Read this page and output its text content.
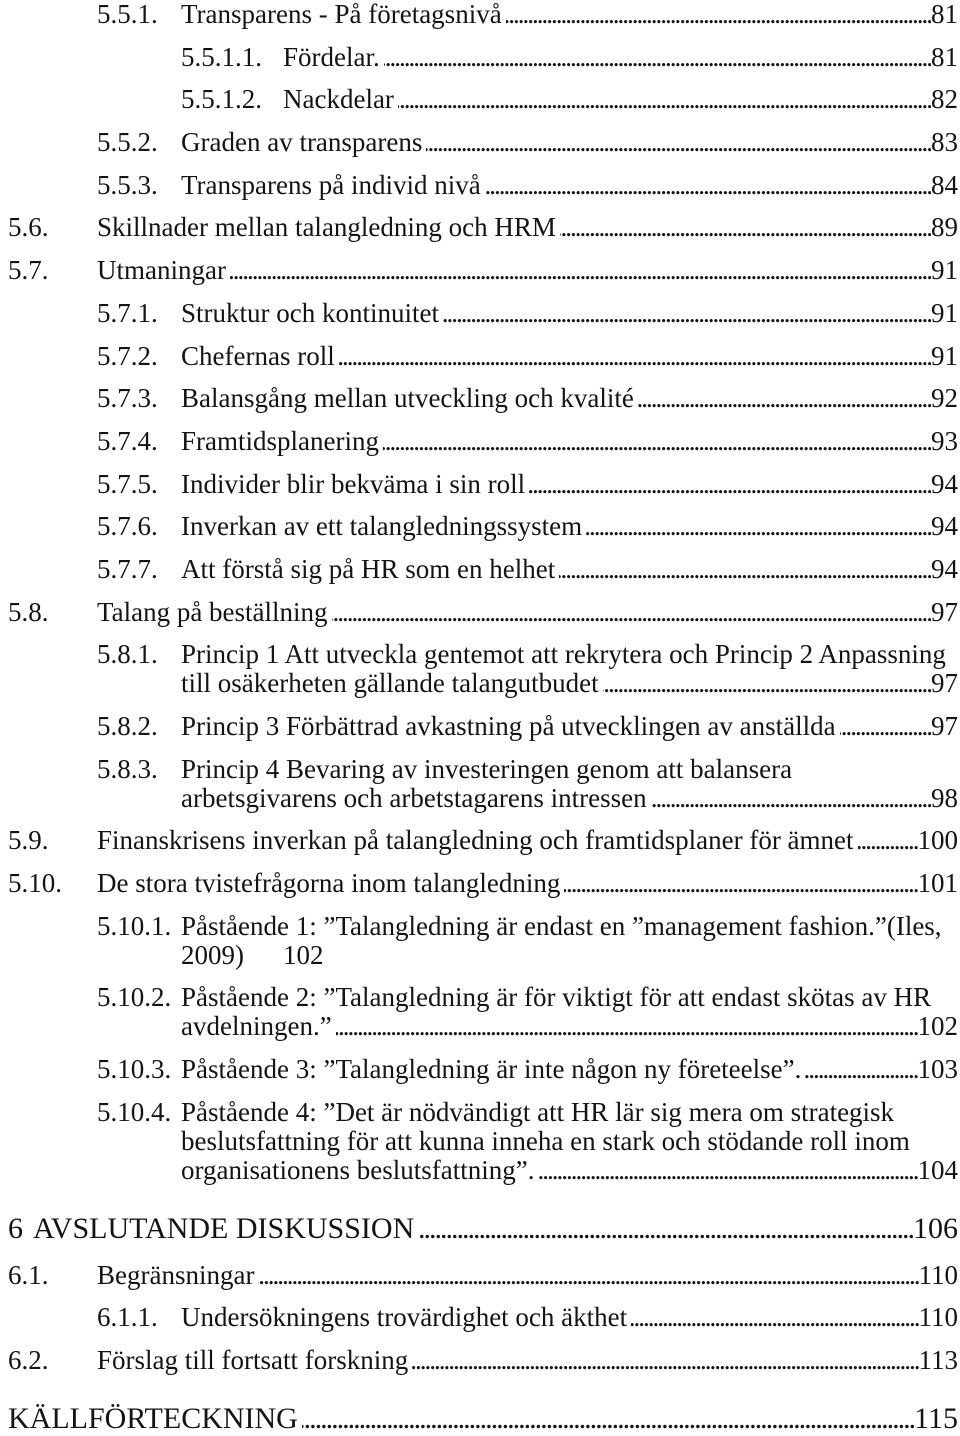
5.5.1. Transparens - På företagsnivå .....	81
5.5.1.1. Fördelar. .....	81
5.5.1.2. Nackdelar .....	82
5.5.2. Graden av transparens .....	83
5.5.3. Transparens på individ nivå .....	84
5.6. Skillnader mellan talangledning och HRM .....	89
5.7. Utmaningar .....	91
5.7.1. Struktur och kontinuitet .....	91
5.7.2. Chefernas roll .....	91
5.7.3. Balansgång mellan utveckling och kvalité .....	92
5.7.4. Framtidsplanering .....	93
5.7.5. Individer blir bekväma i sin roll .....	94
5.7.6. Inverkan av ett talangledningssystem .....	94
5.7.7. Att förstå sig på HR som en helhet .....	94
5.8. Talang på beställning .....	97
5.8.1. Princip 1 Att utveckla gentemot att rekrytera och Princip 2 Anpassning
till osäkerheten gällande talangutbudet .....	97
5.8.2. Princip 3 Förbättrad avkastning på utvecklingen av anställda .....	97
5.8.3. Princip 4 Bevaring av investeringen genom att balansera
arbetsgivarens och arbetstagarens intressen .....	98
5.9. Finanskrisens inverkan på talangledning och framtidsplaner för ämnet ..... 100
5.10. De stora tvistefrågorna inom talangledning .....	101
5.10.1. Påstående 1: ”Talangledning är endast en ”management fashion.”(Iles,
2009) 102
5.10.2. Påstående 2: ”Talangledning är för viktigt för att endast skötas av HR
avdelningen.” .....	102
5.10.3. Påstående 3: ”Talangledning är inte någon ny företeelse”. .....	103
5.10.4. Påstående 4: ”Det är nödvändigt att HR lär sig mera om strategisk
beslutsfattning för att kunna inneha en stark och stödande roll inom
organisationens beslutsfattning”. .....	104
6 AVSLUTANDE DISKUSSION .....	106
6.1. Begränsningar .....	110
6.1.1. Undersökningens trovärdighet och äkthet .....	110
6.2. Förslag till fortsatt forskning .....	113
KÄLLFÖRTECKNING .....	115
